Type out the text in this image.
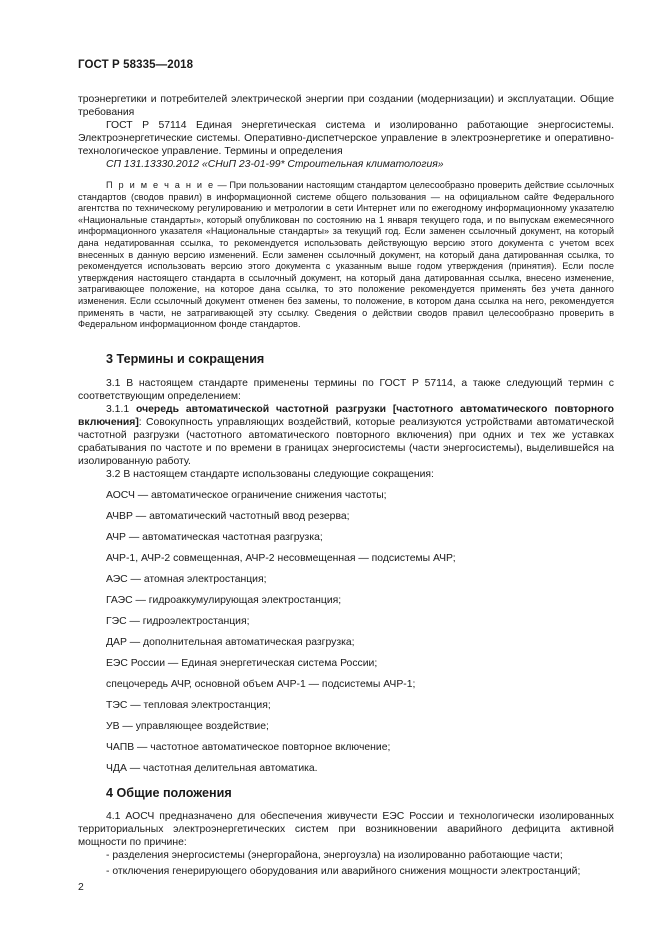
ГОСТ Р 58335—2018

троэнергетики и потребителей электрической энергии при создании (модернизации) и эксплуатации. Общие требования

ГОСТ Р 57114 Единая энергетическая система и изолированно работающие энергосистемы. Электроэнергетические системы. Оперативно-диспетчерское управление в электроэнергетике и оперативно-технологическое управление. Термины и определения

СП 131.13330.2012 «СНиП 23-01-99* Строительная климатология»

П р и м е ч а н и е — При пользовании настоящим стандартом целесообразно проверить действие ссылочных стандартов (сводов правил) в информационной системе общего пользования — на официальном сайте Федерального агентства по техническому регулированию и метрологии в сети Интернет или по ежегодному информационному указателю «Национальные стандарты», который опубликован по состоянию на 1 января текущего года, и по выпускам ежемесячного информационного указателя «Национальные стандарты» за текущий год. Если заменен ссылочный документ, на который дана недатированная ссылка, то рекомендуется использовать действующую версию этого документа с учетом всех внесенных в данную версию изменений. Если заменен ссылочный документ, на который дана датированная ссылка, то рекомендуется использовать версию этого документа с указанным выше годом утверждения (принятия). Если после утверждения настоящего стандарта в ссылочный документ, на который дана датированная ссылка, внесено изменение, затрагивающее положение, на которое дана ссылка, то это положение рекомендуется применять без учета данного изменения. Если ссылочный документ отменен без замены, то положение, в котором дана ссылка на него, рекомендуется применять в части, не затрагивающей эту ссылку. Сведения о действии сводов правил целесообразно проверить в Федеральном информационном фонде стандартов.

3 Термины и сокращения

3.1 В настоящем стандарте применены термины по ГОСТ Р 57114, а также следующий термин с соответствующим определением:

3.1.1 очередь автоматической частотной разгрузки [частотного автоматического повторного включения]: Совокупность управляющих воздействий, которые реализуются устройствами автоматической частотной разгрузки (частотного автоматического повторного включения) при одних и тех же уставках срабатывания по частоте и по времени в границах энергосистемы (части энергосистемы), выделившейся на изолированную работу.

3.2 В настоящем стандарте использованы следующие сокращения:

АОСЧ — автоматическое ограничение снижения частоты;
АЧВР — автоматический частотный ввод резерва;
АЧР — автоматическая частотная разгрузка;
АЧР-1, АЧР-2 совмещенная, АЧР-2 несовмещенная — подсистемы АЧР;
АЭС — атомная электростанция;
ГАЭС — гидроаккумулирующая электростанция;
ГЭС — гидроэлектростанция;
ДАР — дополнительная автоматическая разгрузка;
ЕЭС России — Единая энергетическая система России;
спецочередь АЧР, основной объем АЧР-1 — подсистемы АЧР-1;
ТЭС — тепловая электростанция;
УВ — управляющее воздействие;
ЧАПВ — частотное автоматическое повторное включение;
ЧДА — частотная делительная автоматика.
4 Общие положения

4.1 АОСЧ предназначено для обеспечения живучести ЕЭС России и технологически изолированных территориальных электроэнергетических систем при возникновении аварийного дефицита активной мощности по причине:

- разделения энергосистемы (энергорайона, энергоузла) на изолированно работающие части;
- отключения генерирующего оборудования или аварийного снижения мощности электростанций;
2
